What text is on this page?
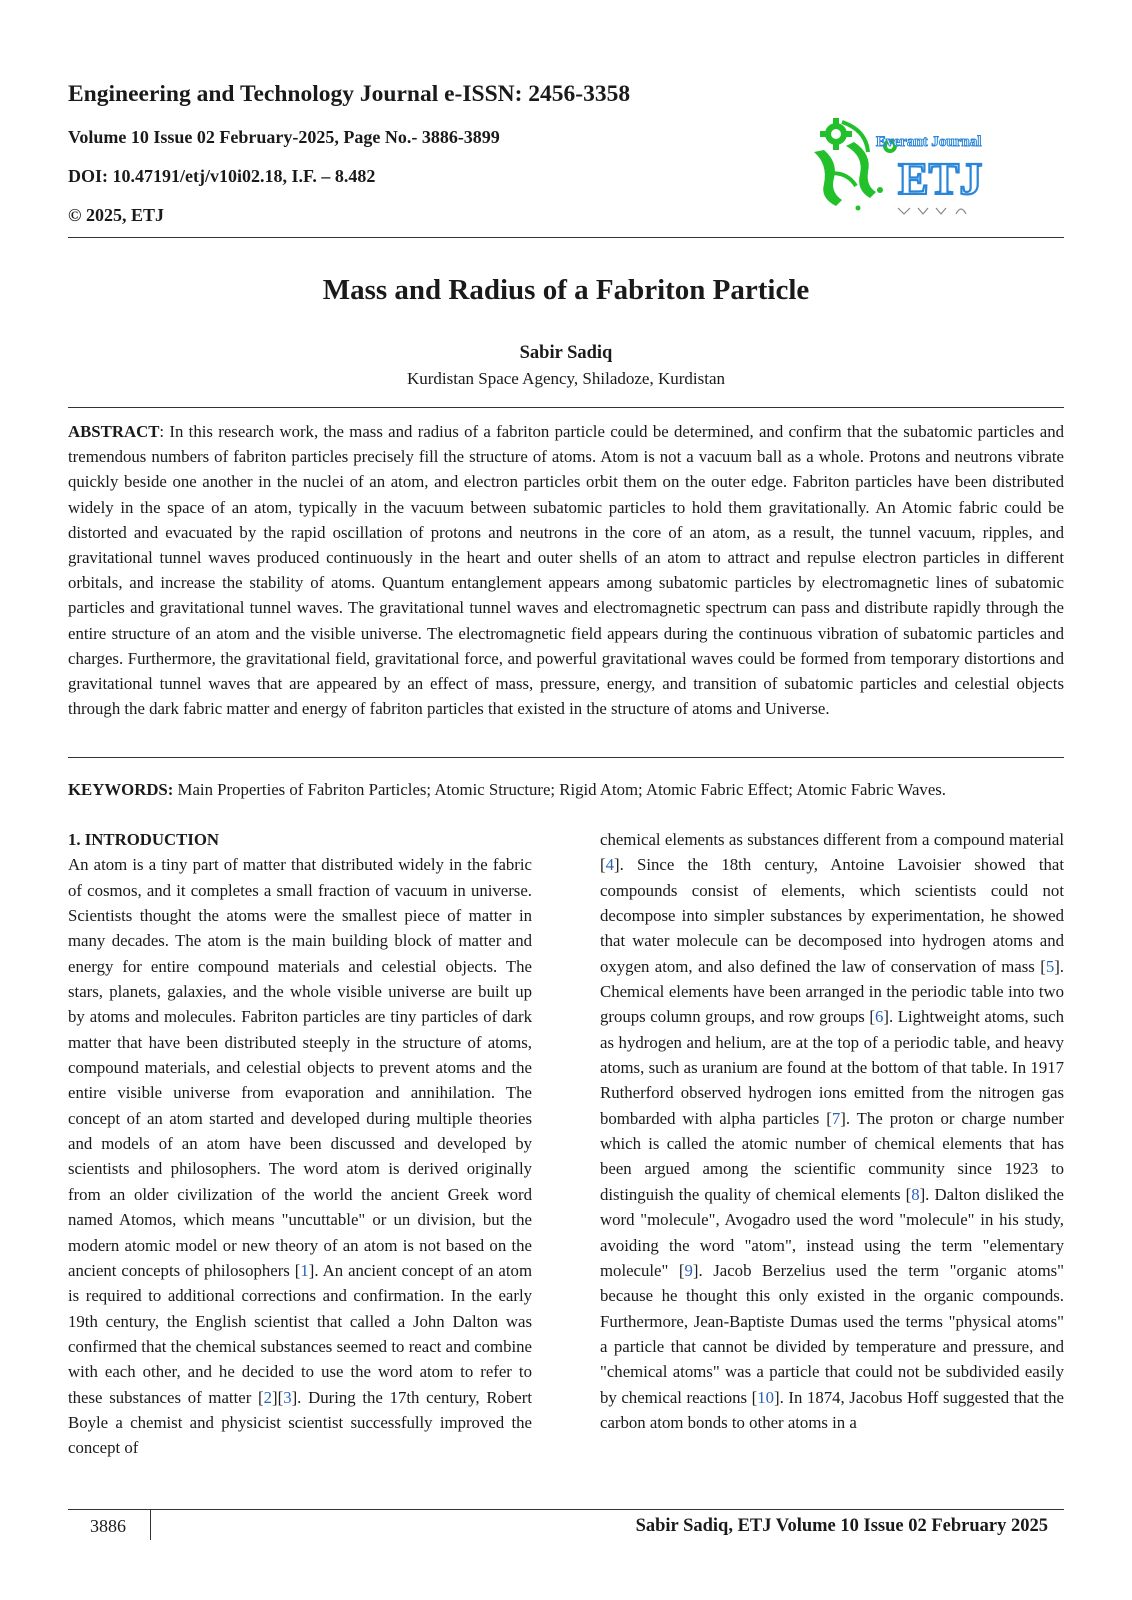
Engineering and Technology Journal e-ISSN: 2456-3358

Volume 10 Issue 02 February-2025, Page No.- 3886-3899

DOI: 10.47191/etj/v10i02.18, I.F. – 8.482

© 2025, ETJ

Everant Journal
ETJ
Mass and Radius of a Fabriton Particle
Sabir Sadiq
Kurdistan Space Agency, Shiladoze, Kurdistan

ABSTRACT: In this research work, the mass and radius of a fabriton particle could be determined, and confirm that the subatomic particles and tremendous numbers of fabriton particles precisely fill the structure of atoms. Atom is not a vacuum ball as a whole. Protons and neutrons vibrate quickly beside one another in the nuclei of an atom, and electron particles orbit them on the outer edge. Fabriton particles have been distributed widely in the space of an atom, typically in the vacuum between subatomic particles to hold them gravitationally. An Atomic fabric could be distorted and evacuated by the rapid oscillation of protons and neutrons in the core of an atom, as a result, the tunnel vacuum, ripples, and gravitational tunnel waves produced continuously in the heart and outer shells of an atom to attract and repulse electron particles in different orbitals, and increase the stability of atoms. Quantum entanglement appears among subatomic particles by electromagnetic lines of subatomic particles and gravitational tunnel waves. The gravitational tunnel waves and electromagnetic spectrum can pass and distribute rapidly through the entire structure of an atom and the visible universe. The electromagnetic field appears during the continuous vibration of subatomic particles and charges. Furthermore, the gravitational field, gravitational force, and powerful gravitational waves could be formed from temporary distortions and gravitational tunnel waves that are appeared by an effect of mass, pressure, energy, and transition of subatomic particles and celestial objects through the dark fabric matter and energy of fabriton particles that existed in the structure of atoms and Universe.

KEYWORDS: Main Properties of Fabriton Particles; Atomic Structure; Rigid Atom; Atomic Fabric Effect; Atomic Fabric Waves.

1. INTRODUCTION
An atom is a tiny part of matter that distributed widely in the fabric of cosmos, and it completes a small fraction of vacuum in universe. Scientists thought the atoms were the smallest piece of matter in many decades. The atom is the main building block of matter and energy for entire compound materials and celestial objects. The stars, planets, galaxies, and the whole visible universe are built up by atoms and molecules. Fabriton particles are tiny particles of dark matter that have been distributed steeply in the structure of atoms, compound materials, and celestial objects to prevent atoms and the entire visible universe from evaporation and annihilation. The concept of an atom started and developed during multiple theories and models of an atom have been discussed and developed by scientists and philosophers. The word atom is derived originally from an older civilization of the world the ancient Greek word named Atomos, which means "uncuttable" or un division, but the modern atomic model or new theory of an atom is not based on the ancient concepts of philosophers [1]. An ancient concept of an atom is required to additional corrections and confirmation. In the early 19th century, the English scientist that called a John Dalton was confirmed that the chemical substances seemed to react and combine with each other, and he decided to use the word atom to refer to these substances of matter [2][3]. During the 17th century, Robert Boyle a chemist and physicist scientist successfully improved the concept of
chemical elements as substances different from a compound material [4]. Since the 18th century, Antoine Lavoisier showed that compounds consist of elements, which scientists could not decompose into simpler substances by experimentation, he showed that water molecule can be decomposed into hydrogen atoms and oxygen atom, and also defined the law of conservation of mass [5]. Chemical elements have been arranged in the periodic table into two groups column groups, and row groups [6]. Lightweight atoms, such as hydrogen and helium, are at the top of a periodic table, and heavy atoms, such as uranium are found at the bottom of that table. In 1917 Rutherford observed hydrogen ions emitted from the nitrogen gas bombarded with alpha particles [7]. The proton or charge number which is called the atomic number of chemical elements that has been argued among the scientific community since 1923 to distinguish the quality of chemical elements [8]. Dalton disliked the word "molecule", Avogadro used the word "molecule" in his study, avoiding the word "atom", instead using the term "elementary molecule" [9]. Jacob Berzelius used the term "organic atoms" because he thought this only existed in the organic compounds. Furthermore, Jean-Baptiste Dumas used the terms "physical atoms" a particle that cannot be divided by temperature and pressure, and "chemical atoms" was a particle that could not be subdivided easily by chemical reactions [10]. In 1874, Jacobus Hoff suggested that the carbon atom bonds to other atoms in a
3886	Sabir Sadiq, ETJ Volume 10 Issue 02 February 2025
